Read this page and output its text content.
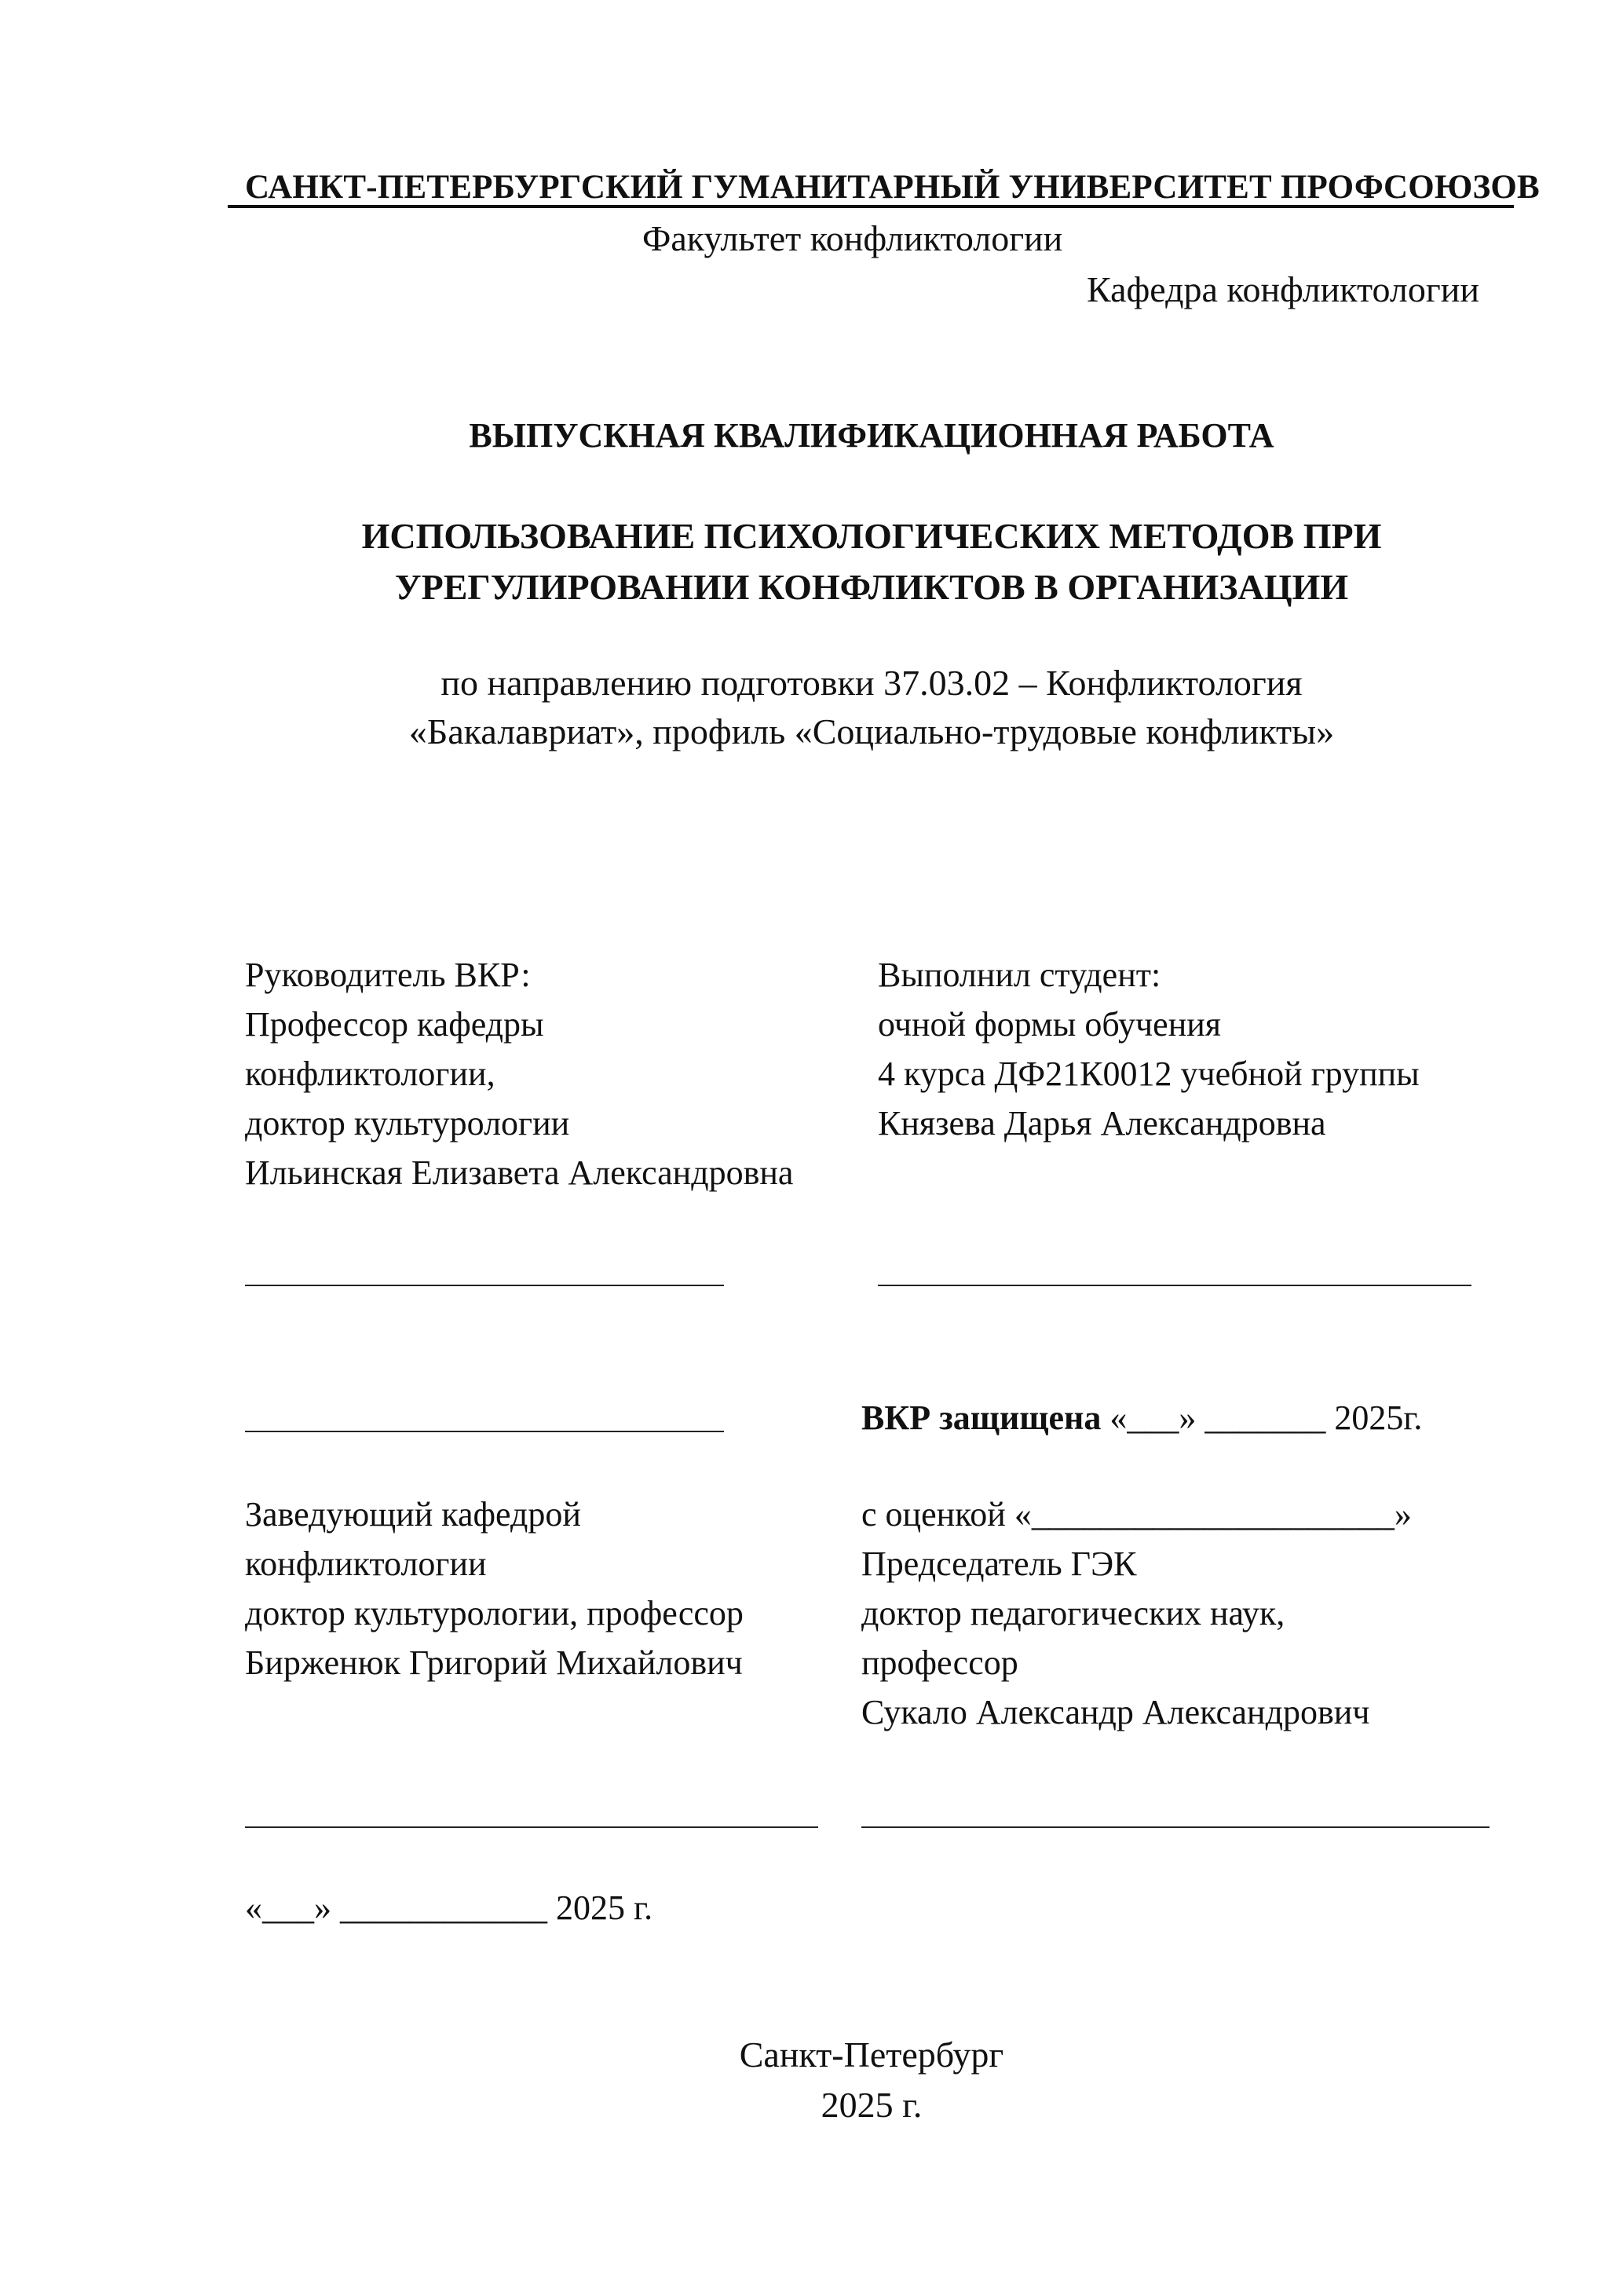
САНКТ-ПЕТЕРБУРГСКИЙ ГУМАНИТАРНЫЙ УНИВЕРСИТЕТ ПРОФСОЮЗОВ
Факультет конфликтологии
Кафедра конфликтологии
ВЫПУСКНАЯ КВАЛИФИКАЦИОННАЯ РАБОТА
ИСПОЛЬЗОВАНИЕ ПСИХОЛОГИЧЕСКИХ МЕТОДОВ ПРИ
УРЕГУЛИРОВАНИИ КОНФЛИКТОВ В ОРГАНИЗАЦИИ
по направлению подготовки 37.03.02 – Конфликтология
«Бакалавриат», профиль «Социально-трудовые конфликты»
Руководитель ВКР:
Профессор кафедры
конфликтологии,
доктор культурологии
Ильинская Елизавета Александровна
Выполнил студент:
очной формы обучения
4 курса ДФ21К0012 учебной группы
Князева Дарья Александровна
ВКР защищена «___» _______ 2025г.
Заведующий кафедрой
конфликтологии
доктор культурологии, профессор
Бирженюк Григорий Михайлович
с оценкой «_____________________»
Председатель ГЭК
доктор педагогических наук,
профессор
Сукало Александр Александрович
«___» ____________ 2025 г.
Санкт-Петербург
2025 г.
